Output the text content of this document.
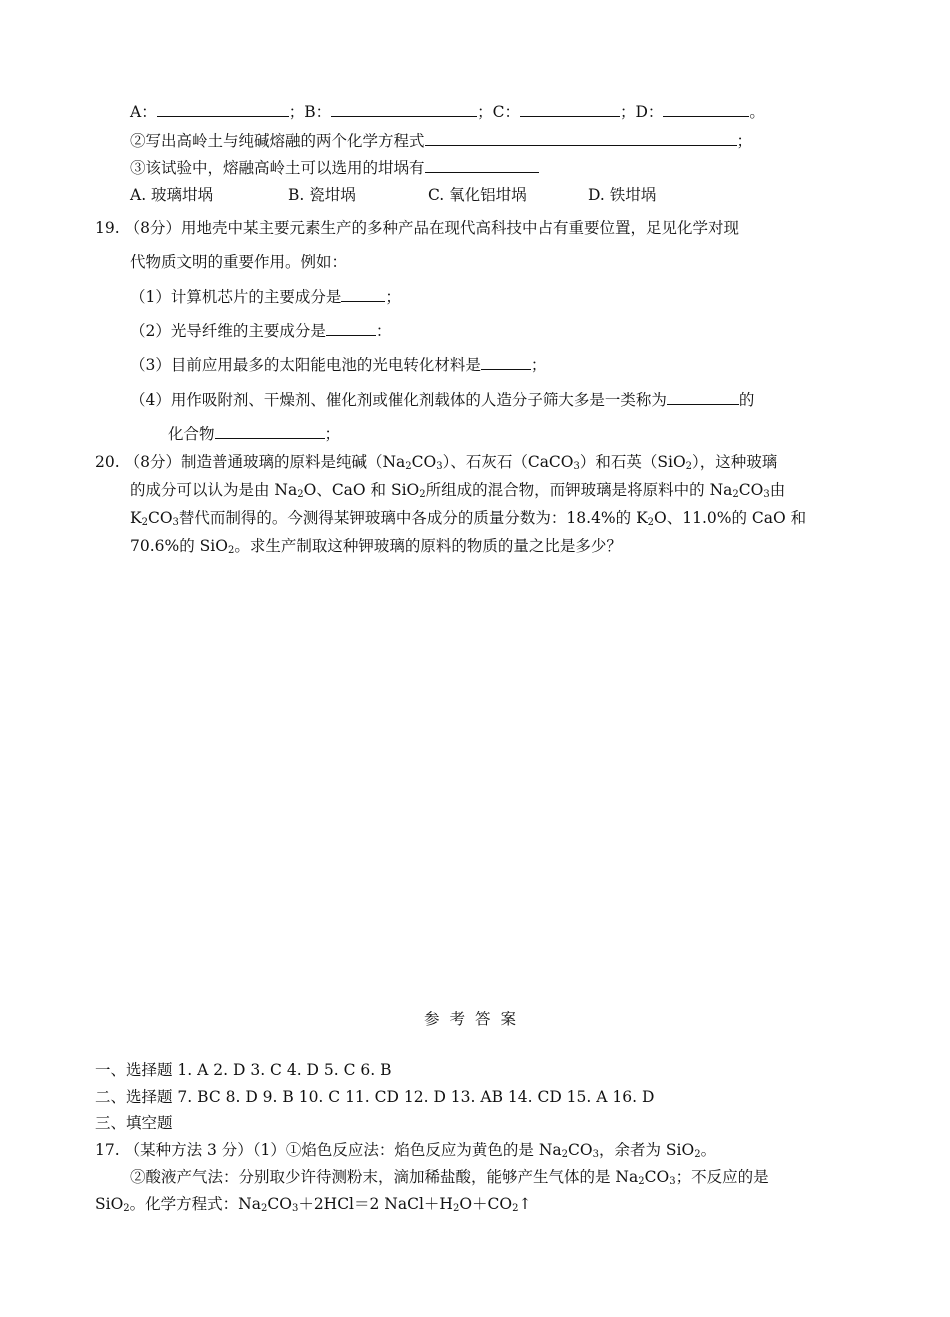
A：	；B：	；C：	；D：	。
②写出高岭土与纯碱熔融的两个化学方程式	；
③该试验中，熔融高岭土可以选用的坩埚有
A. 玻璃坩埚	B. 瓷坩埚	C. 氧化铝坩埚	D. 铁坩埚
19. （8分）用地壳中某主要元素生产的多种产品在现代高科技中占有重要位置，足见化学对现
代物质文明的重要作用。例如：
（1）计算机芯片的主要成分是	；
（2）光导纤维的主要成分是	：
（3）目前应用最多的太阳能电池的光电转化材料是	；
（4）用作吸附剂、干燥剂、催化剂或催化剂载体的人造分子筛大多是一类称为	的
化合物	；
20. （8分）制造普通玻璃的原料是纯碱$(Na_2CO_3)$、石灰石（CaCO$_3$）和石英（SiO$_2$），这种玻璃
的成分可以认为是由 $Na_2O$、CaO 和 SiO$_2$所组成的混合物，而钾玻璃是将原料中的 $Na_2CO_3$由
$K_2CO_3$替代而制得的。今测得某钾玻璃中各成分的质量分数为：18.4%的 $K_2O$、11.0%的 CaO 和
70.6%的 SiO$_2$。求生产制取这种钾玻璃的原料的物质的量之比是多少？
参考答案
一、选择题 1. A 2. D 3. C 4. D 5. C 6. B
二、选择题 7. BC 8. D 9. B 10. C 11. CD 12. D 13. AB 14. CD 15. A 16. D
三、填空题
17. （某种方法 3 分）（1）①焰色反应法：焰色反应为黄色的是 $Na_2CO_3$，余者为 SiO$_2$。
②酸液产气法：分别取少许待测粉末，滴加稀盐酸，能够产生气体的是 $Na_2CO_3$；不反应的是
SiO$_2$。化学方程式：$Na_2CO_3+2HCl=2$ $NaCl+H_2O+CO_2↑$
